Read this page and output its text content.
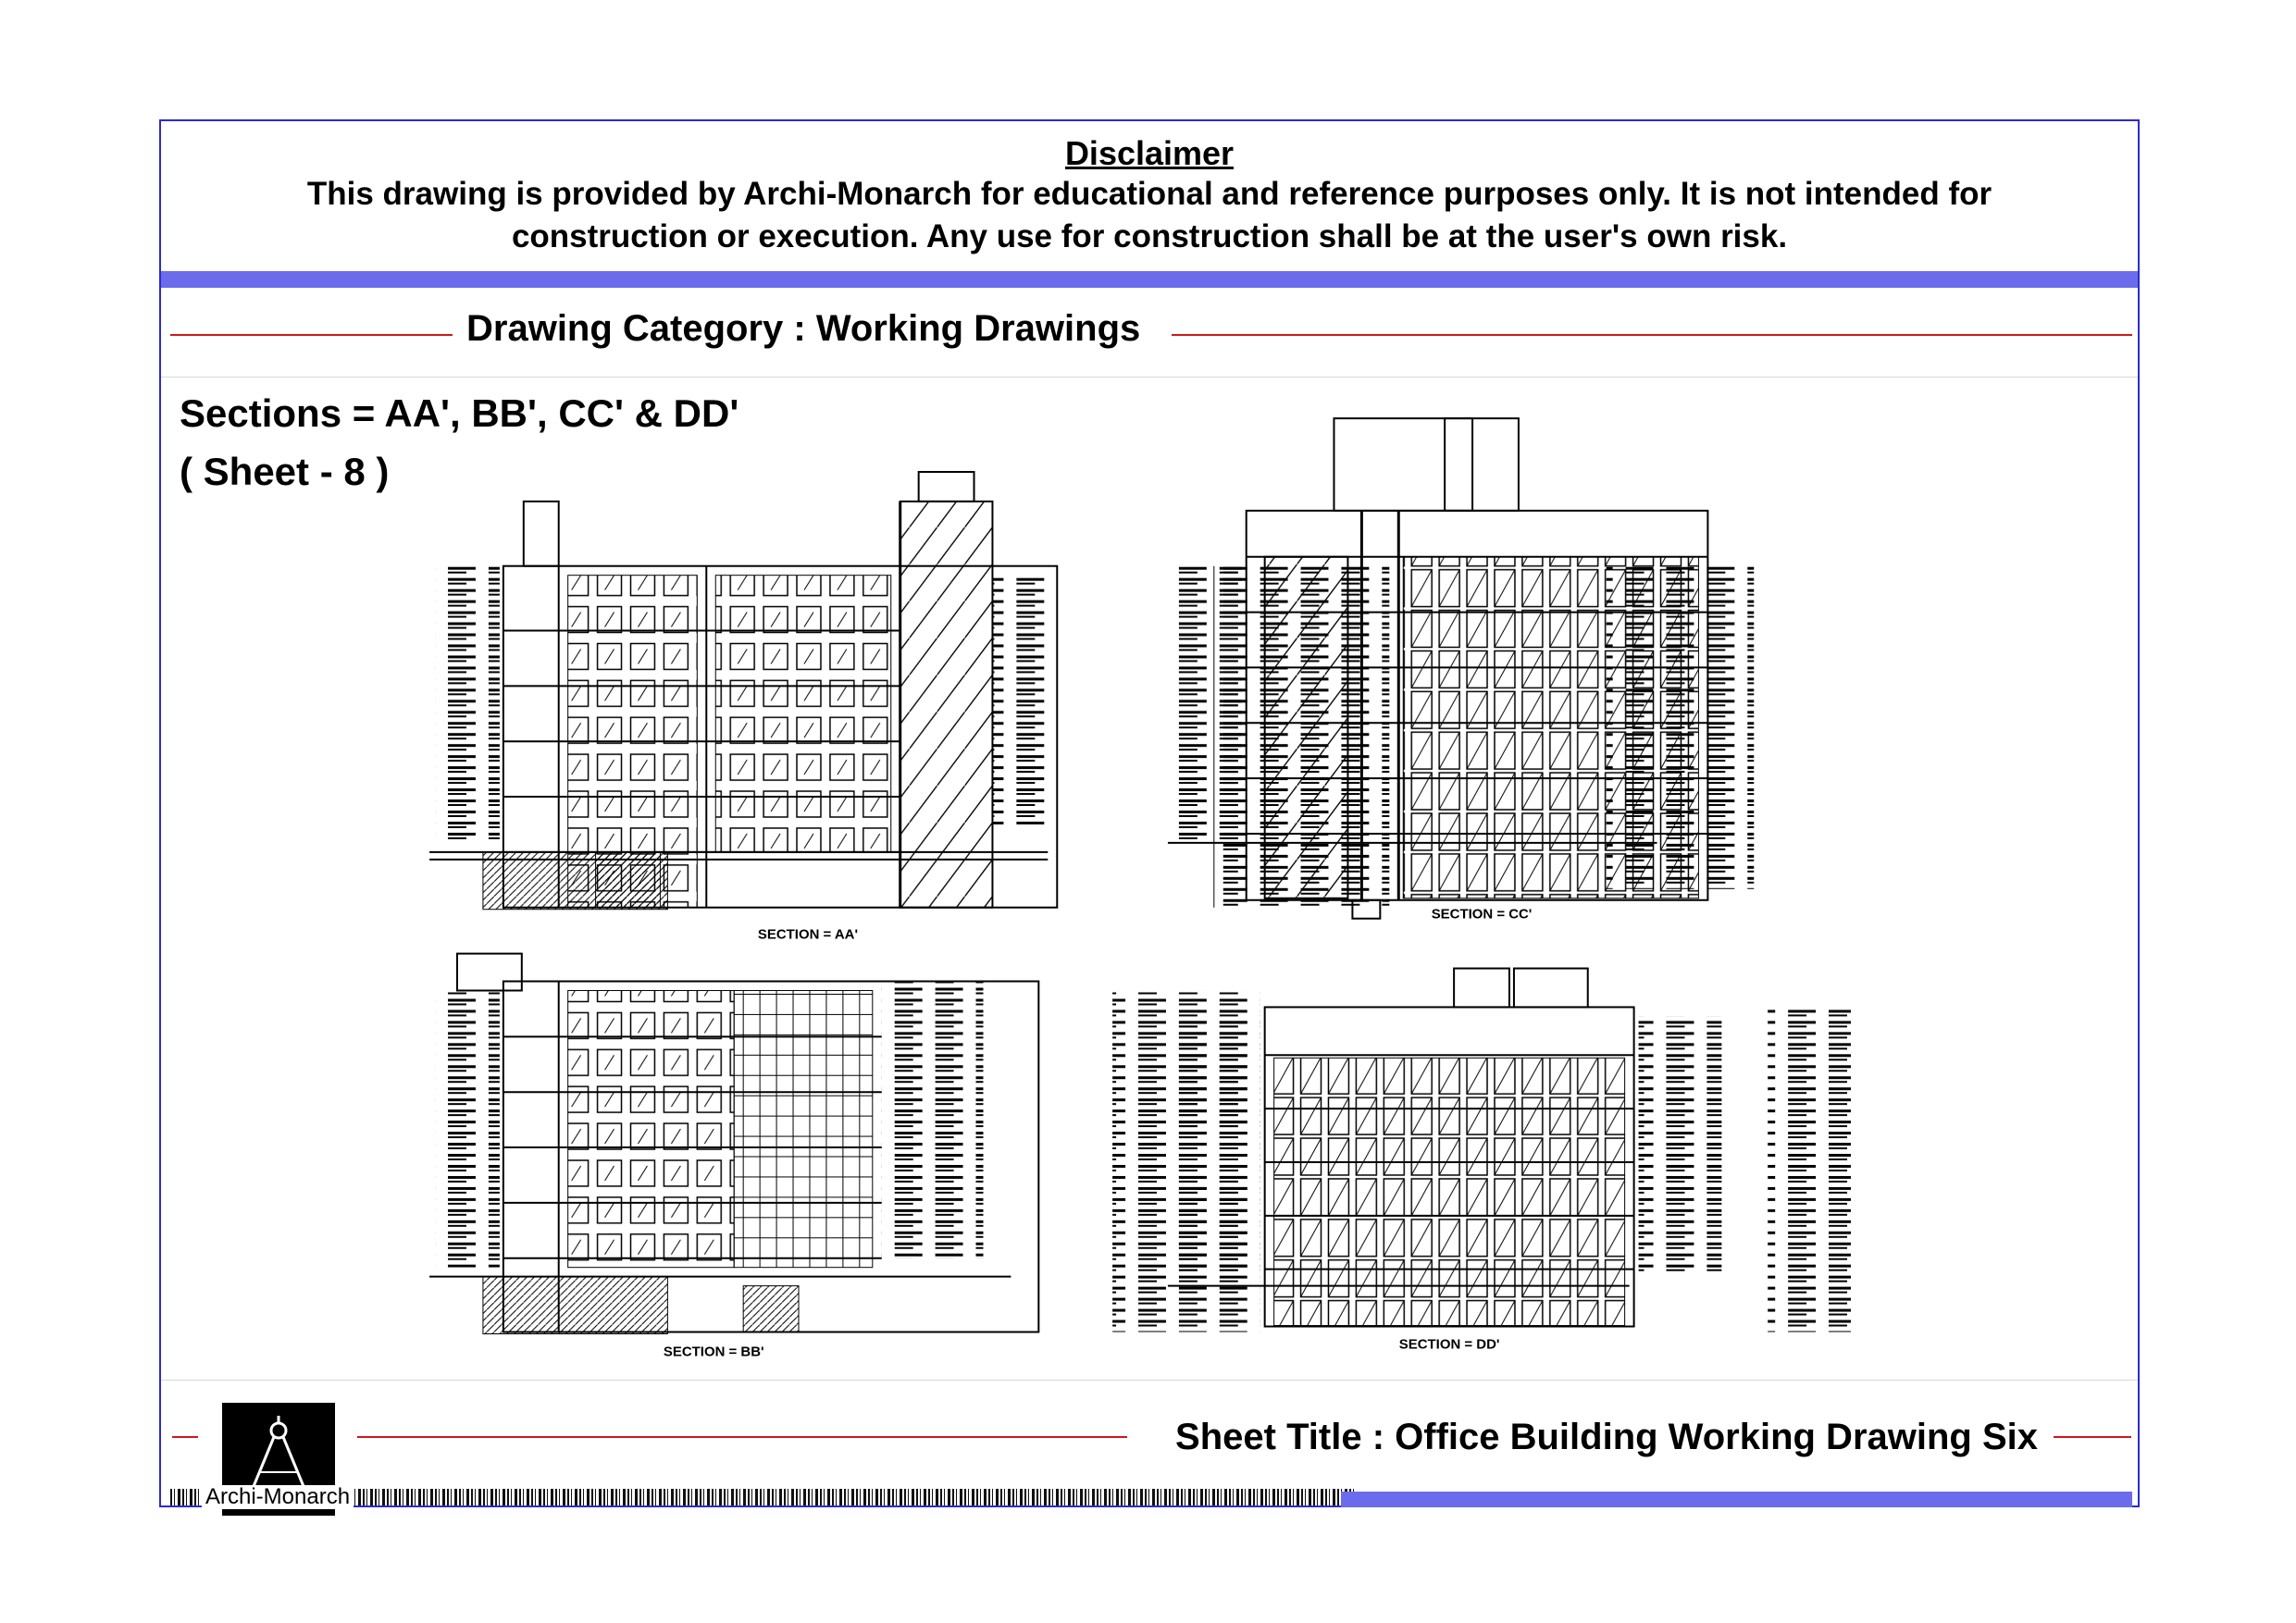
Disclaimer
This drawing is provided by Archi-Monarch for educational and reference purposes only. It is not intended for construction or execution. Any use for construction shall be at the user's own risk.
Drawing Category : Working Drawings
Sections = AA', BB', CC' & DD'
( Sheet - 8 )
SECTION = AA'
SECTION = CC'
SECTION = BB'	SECTION = DD'
Sheet Title : Office Building Working Drawing Six
Archi-Monarch
